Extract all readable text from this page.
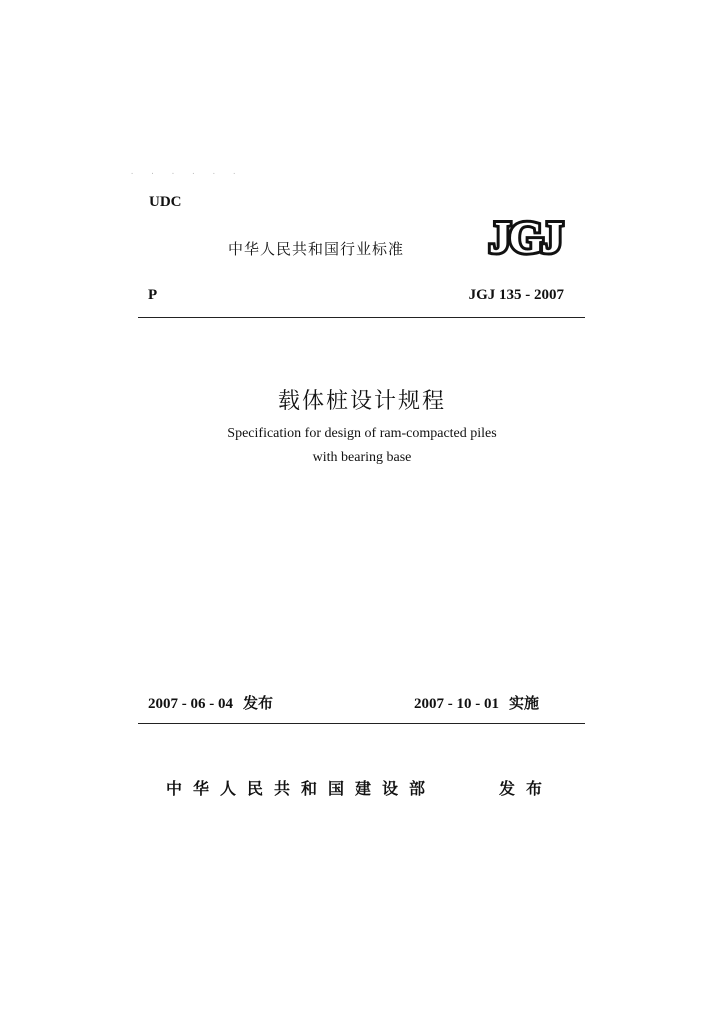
· · · · · ·
UDC
中华人民共和国行业标准 JGJ
P	JGJ 135 - 2007
载体桩设计规程
Specification for design of ram-compacted piles
with bearing base
2007 - 06 - 04 发布	2007 - 10 - 01 实施
中华人民共和国建设部	发布
